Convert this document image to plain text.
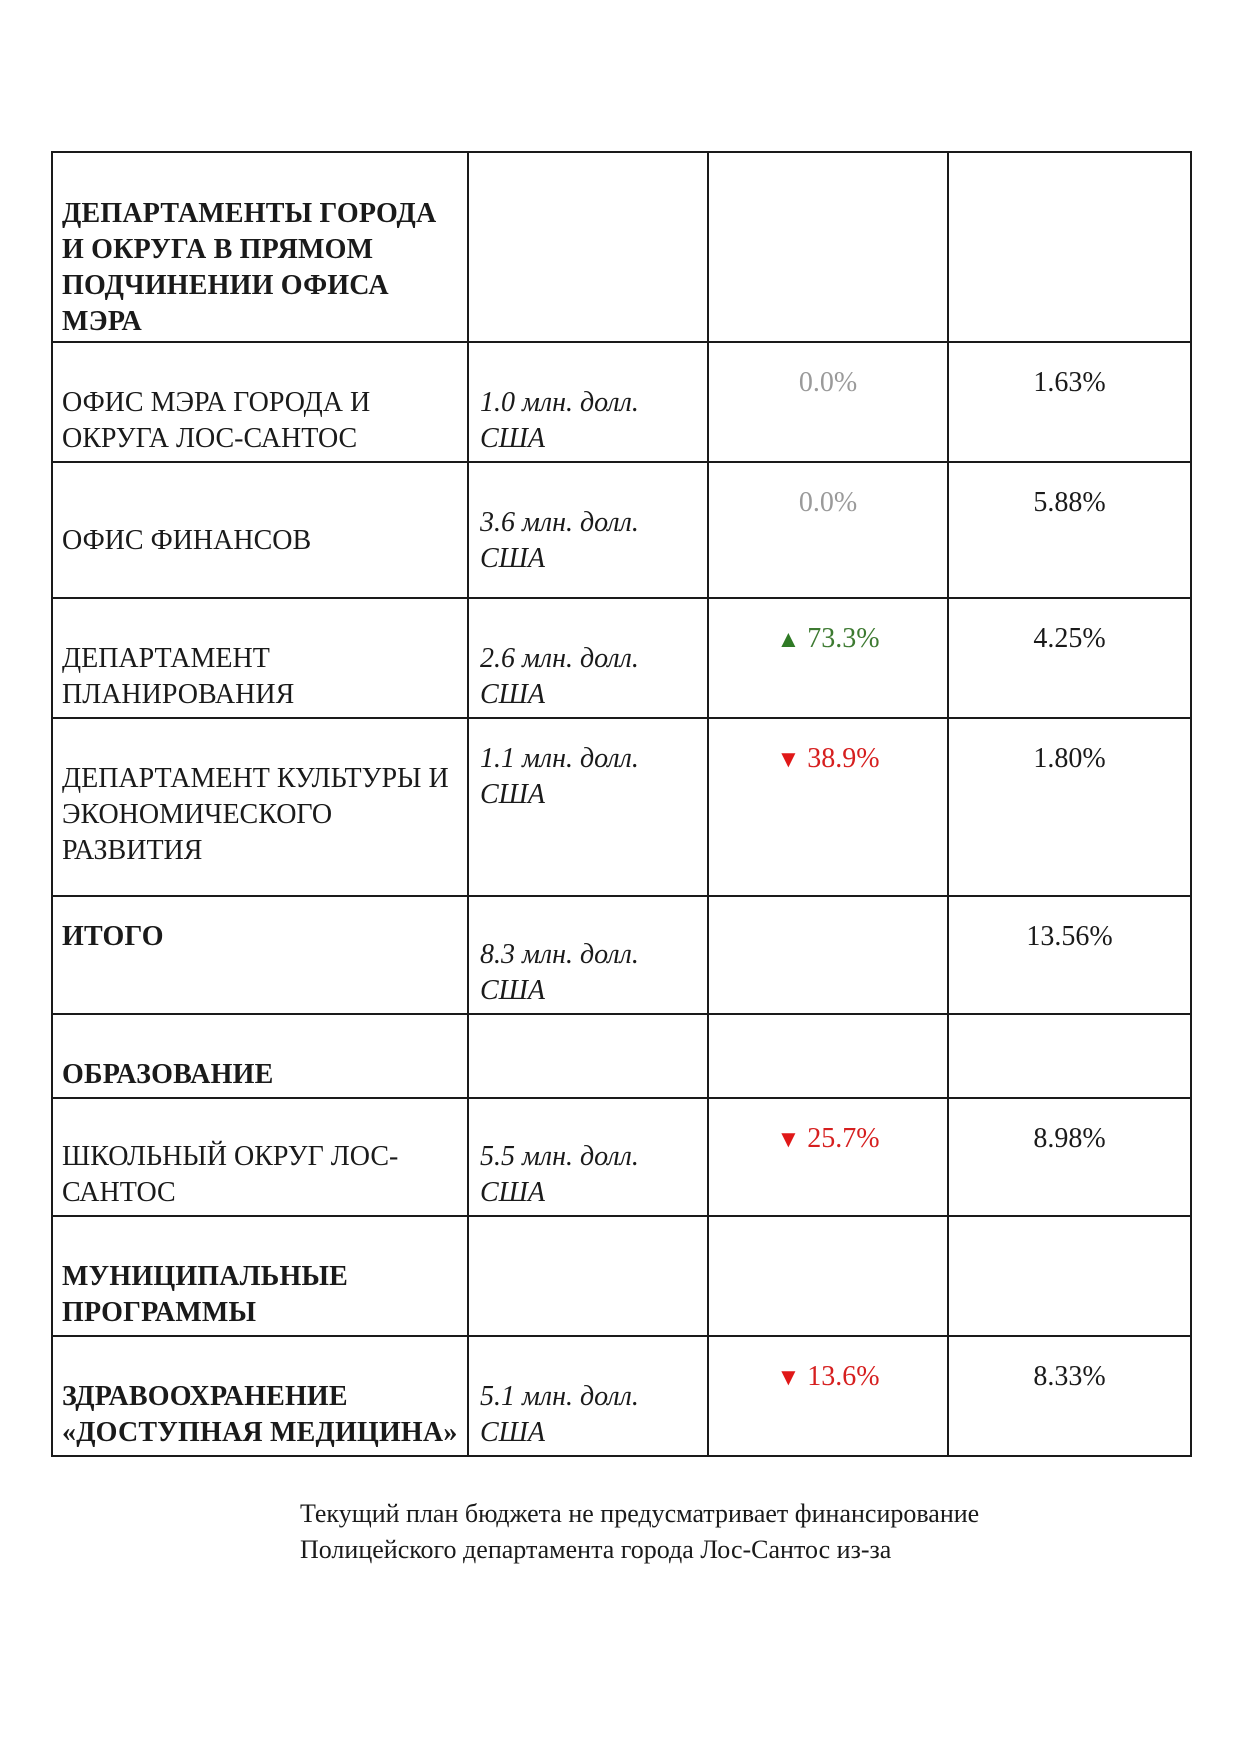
ДЕПАРТАМЕНТЫ ГОРОДА И ОКРУГА В ПРЯМОМ ПОДЧИНЕНИИ ОФИСА МЭРА			

ОФИС МЭРА ГОРОДА И ОКРУГА ЛОС-САНТОС	1.0 млн. долл. США	0.0%	1.63%

ОФИС ФИНАНСОВ	3.6 млн. долл. США	0.0%	5.88%

ДЕПАРТАМЕНТ ПЛАНИРОВАНИЯ	2.6 млн. долл. США	▲ 73.3%	4.25%

ДЕПАРТАМЕНТ КУЛЬТУРЫ И ЭКОНОМИЧЕСКОГО РАЗВИТИЯ	1.1 млн. долл. США	▼ 38.9%	1.80%

ИТОГО	8.3 млн. долл. США		13.56%

ОБРАЗОВАНИЕ			

ШКОЛЬНЫЙ ОКРУГ ЛОС-САНТОС	5.5 млн. долл. США	▼ 25.7%	8.98%

МУНИЦИПАЛЬНЫЕ ПРОГРАММЫ			

ЗДРАВООХРАНЕНИЕ «ДОСТУПНАЯ МЕДИЦИНА»	5.1 млн. долл. США	▼ 13.6%	8.33%
Текущий план бюджета не предусматривает финансирование
Полицейского департамента города Лос-Сантос из-за
